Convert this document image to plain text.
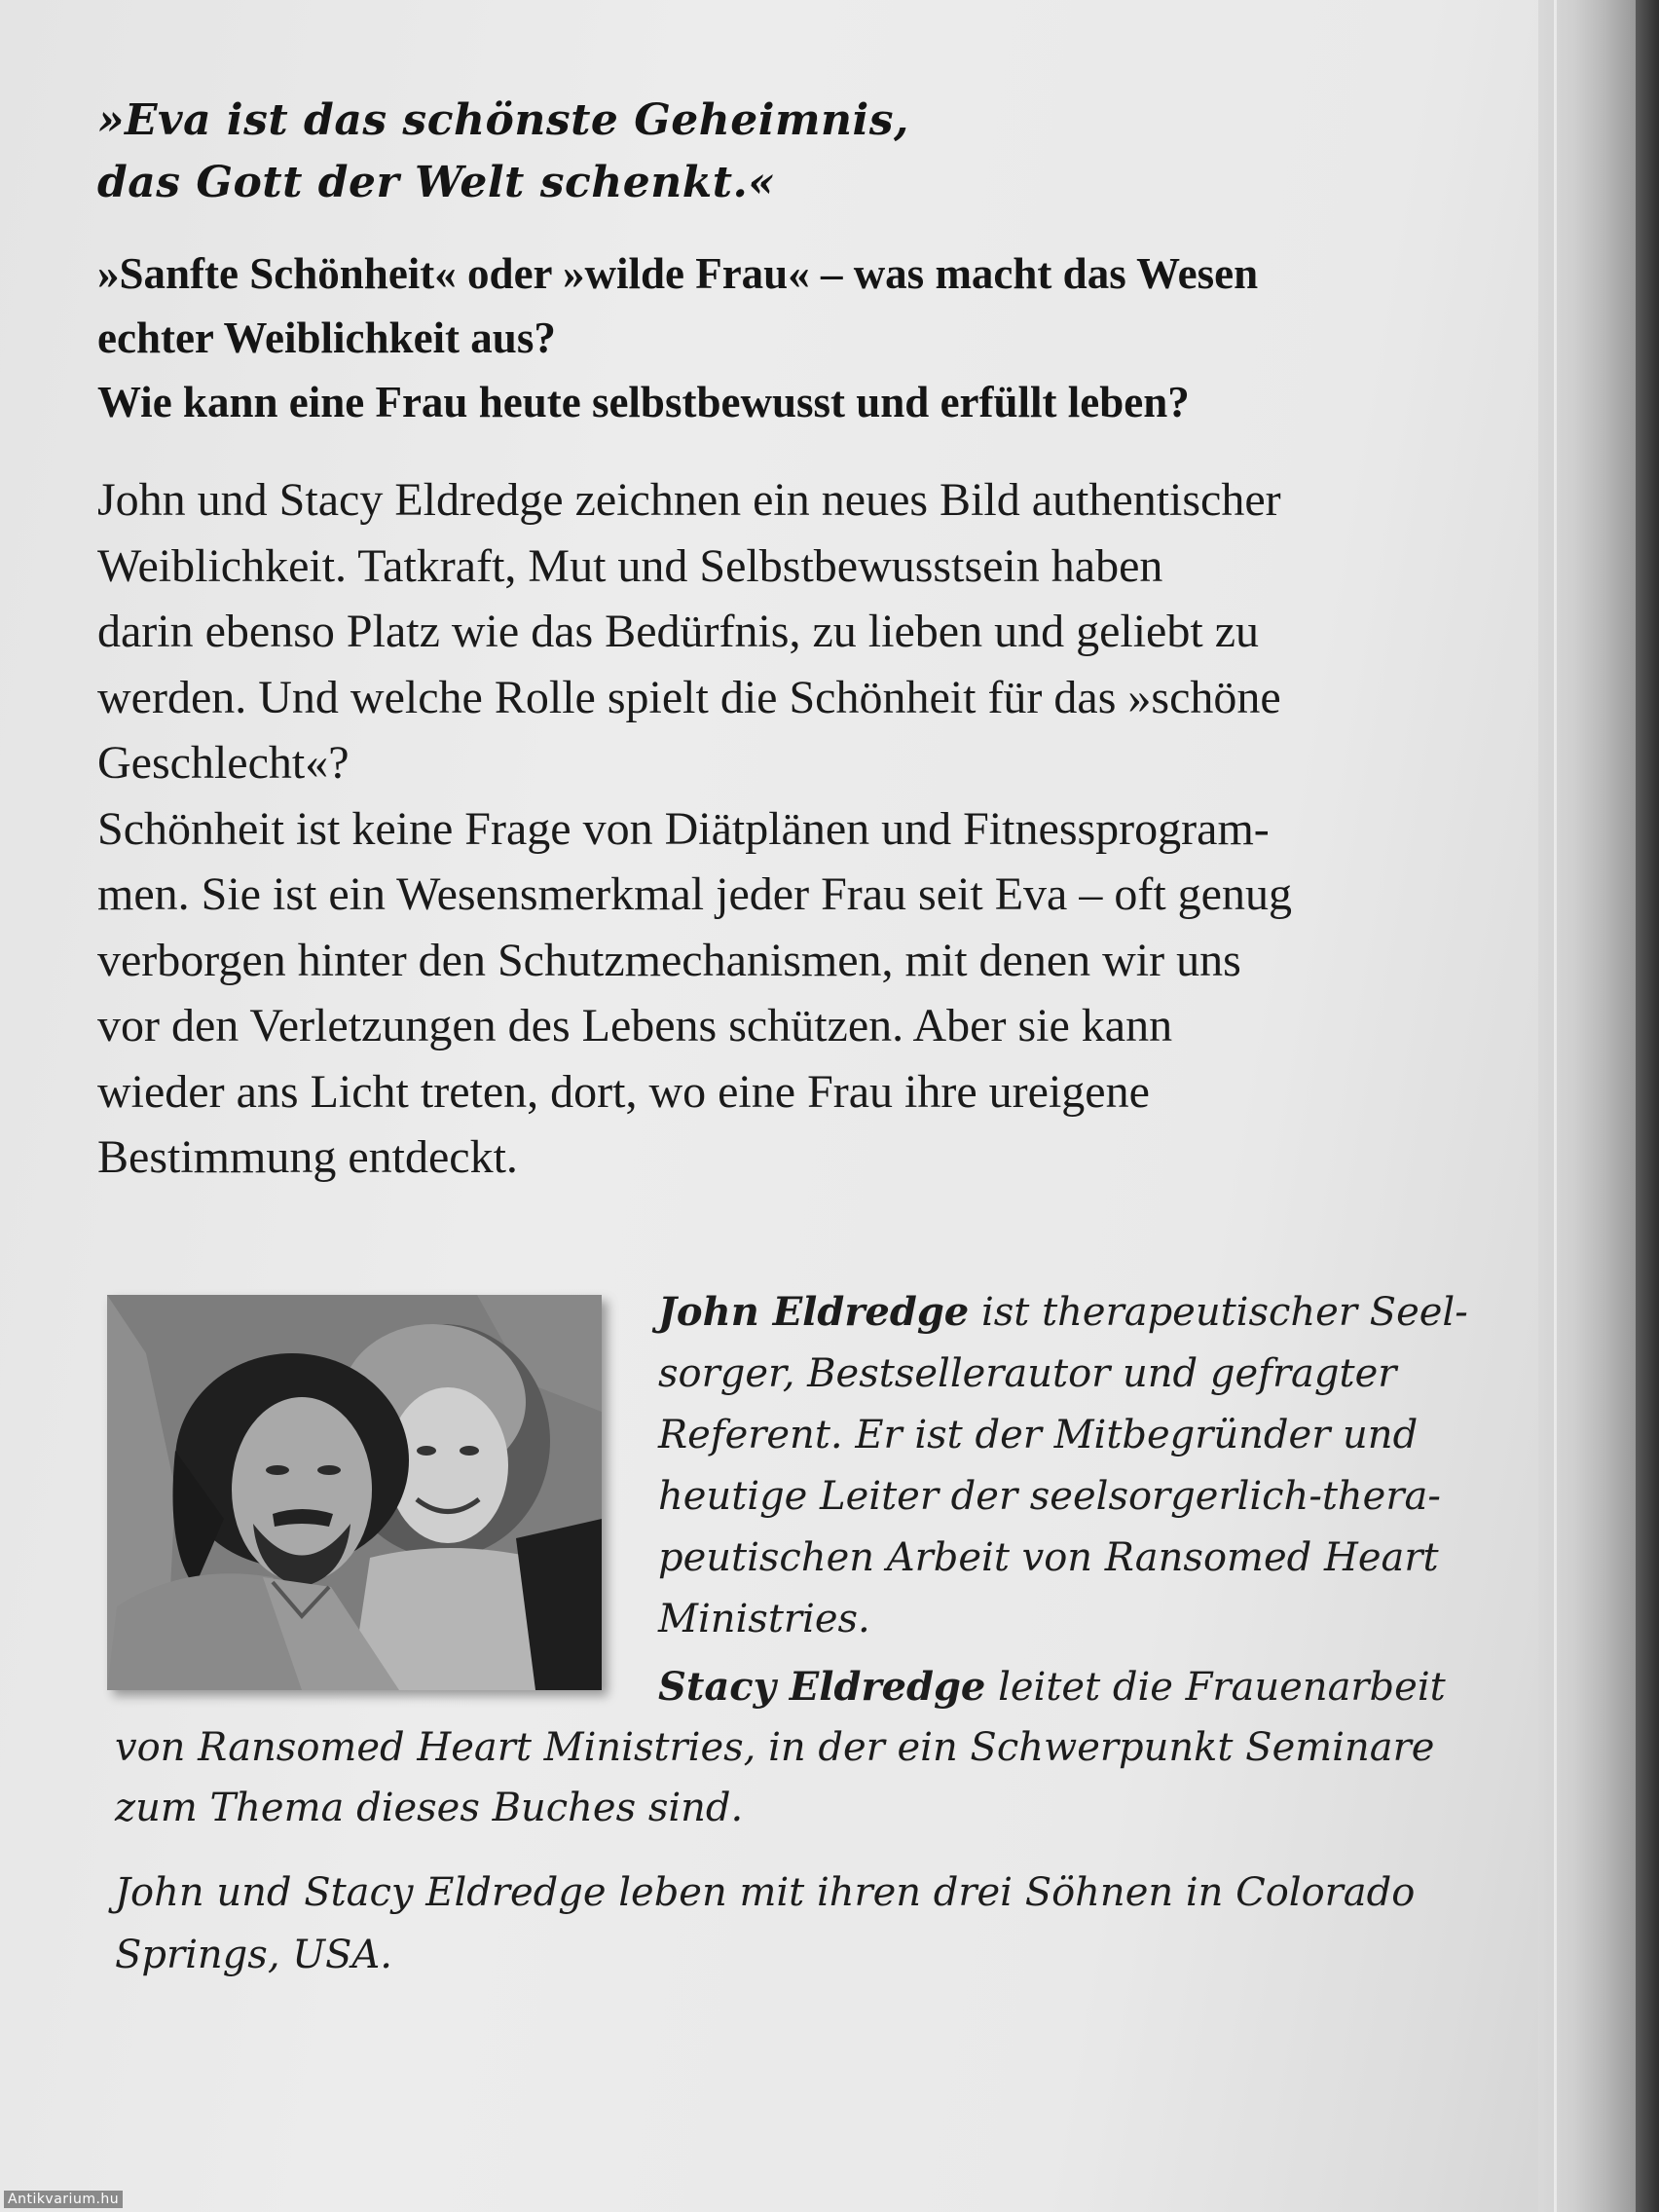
»Eva ist das schönste Geheimnis,
das Gott der Welt schenkt.«
»Sanfte Schönheit« oder »wilde Frau« – was macht das Wesen
echter Weiblichkeit aus?
Wie kann eine Frau heute selbstbewusst und erfüllt leben?
John und Stacy Eldredge zeichnen ein neues Bild authentischer
Weiblichkeit. Tatkraft, Mut und Selbstbewusstsein haben
darin ebenso Platz wie das Bedürfnis, zu lieben und geliebt zu
werden. Und welche Rolle spielt die Schönheit für das »schöne
Geschlecht«?
Schönheit ist keine Frage von Diätplänen und Fitnessprogram-
men. Sie ist ein Wesensmerkmal jeder Frau seit Eva – oft genug
verborgen hinter den Schutzmechanismen, mit denen wir uns
vor den Verletzungen des Lebens schützen. Aber sie kann
wieder ans Licht treten, dort, wo eine Frau ihre ureigene
Bestimmung entdeckt.
John Eldredge ist therapeutischer Seel-
sorger, Bestsellerautor und gefragter
Referent. Er ist der Mitbegründer und
heutige Leiter der seelsorgerlich-thera-
peutischen Arbeit von Ransomed Heart
Ministries.
Stacy Eldredge leitet die Frauenarbeit
von Ransomed Heart Ministries, in der ein Schwerpunkt Seminare
zum Thema dieses Buches sind.
John und Stacy Eldredge leben mit ihren drei Söhnen in Colorado
Springs, USA.
Antikvarium.hu
